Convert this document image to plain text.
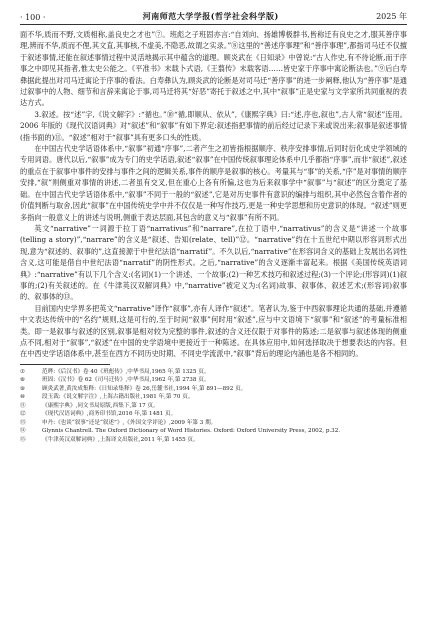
· 100 ·	河南师范大学学报(哲学社会科学版)	2025 年

面不华,质而不野,文质相称,盖良史之才也”⑦。班彪之子班固亦言:“自刘向、扬雄博极群书,皆称迁有良史之才,服其善序事理,辨而不华,质而不俚,其文直,其事核,不虚美,不隐恶,故谓之实录。”⑧这里的“善述序事理”和“善序事理”,都指司马迁不仅擅于叙述事情,还能在叙述事情过程中灵活地揭示其中蕴含的道理。顾炎武在《日知录》中曾说:“古人作史,有不待论断,而于序事之中即见其指者,惟太史公能之。《平准书》末载卜式语,《王翦传》末载客语……皆史家于序事中寓论断法也。”⑨后白寿彝据此提出对司马迁寓论于序事的看法。白寿彝认为,顾炎武的论断是对司马迁“善序事”的进一步阐释,他认为“善序事”是通过叙事中的人物、细节和言辞来寓论于事,司马迁将其“好恶”寄托于叙述之中,其中“叙事”正是史家与文学家所共同重视的表达方式。

3.叙述。按“述”字,《说文解字》:“循也。”⑩“循,即顺从、依从”,《康熙字典》曰:“述,序也,叙也”,古人常“叙述”连用。2006 年版的《现代汉语词典》对“叙述”和“叙事”有如下界定:叙述指把事情的前后经过记录下来或说出来;叙事是叙述事情(指书面的)⑪。“叙述”相对于“叙事”具有更多口头的性质。

在中国古代史学话语体系中,“叙事”初通“序事”,二者产生之初皆指根据顺序、秩序安排事情,后同时衍化成史学领域的专用词语。唐代以后,“叙事”成为专门的史学话语,叙述“叙事”在中国传统叙事理论体系中几乎都指“序事”,而非“叙述”,叙述的重点在于叙事中事件的安排与事件之间的逻辑关系,事件的顺序是叙事的核心。考量其与“事”的关系,“序”是对事情的顺序安排,“叙”则侧重对事情的讲述,二者虽有交叉,但在重心上各有所偏,这也为后来叙事学中“叙事”与“叙述”的区分奠定了基础。在中国古代史学话语体系中,“叙事”不同于一般的“叙述”,它是对历史事件有意识的编排与组织,其中必然包含着作者的价值判断与取舍,因此“叙事”在中国传统史学中并不仅仅是一种写作技巧,更是一种史学思想和历史意识的体现。“叙述”则更多指向一般意义上的讲述与说明,侧重于表达层面,其包含的意义与“叙事”有所不同。

英文“narrative”一词源于拉丁语“narrativus”和“narrare”,在拉丁语中,“narrativus”的含义是“讲述一个故事(telling a story)”,“narrare”的含义是“叙述、告知(relate、tell)”⑫。“narrative”约在十五世纪中期以形容词形式出现,意为“叙述的、叙事的”,这直接源于中世纪法语“narratif”。不久以后,“narrative”在形容词含义的基础上发展出名词性含义,这可能是借自中世纪法语“narratif”的阴性形式。之后,“narrative”的含义逐渐丰富起来。根据《美国传统英语词典》:“narrative”有以下几个含义:(名词)(1)一个讲述、一个故事;(2)一种艺术技巧和叙述过程;(3)一个评论;(形容词)(1)叙事的;(2)有关叙述的。在《牛津英汉双解词典》中,“narrative”被定义为:(名词)故事、叙事体、叙述艺术;(形容词)叙事的、叙事体的⑬。

目前国内史学界多把英文“narrative”译作“叙事”,亦有人译作“叙述”。笔者认为,鉴于中西叙事理论共通的基础,并遵循中文表达传统中的“名约”规则,这是可行的,至于时间“叙事”何时用“叙述”,应与中文语境下“叙事”和“叙述”的考量标准相类。即一是叙事与叙述的区别,叙事是相对较为完整的事件,叙述的含义还仅限于对事件的陈述;二是叙事与叙述体现的侧重点不同,相对于“叙事”,“叙述”在中国的史学语境中更接近于一种陈述。在具体应用中,如何选择取决于想要表达的内容。但在中西史学话语体系中,甚至在西方不同历史时期、不同史学流派中,“叙事”背后的理论内涵也是各不相同的。

⑦	范晔:《后汉书》卷 40《班彪传》,中华书局,1965 年,第 1325 页。
⑧	班固:《汉书》卷 62《司马迁传》,中华书局,1962 年,第 2738 页。
⑨	顾炎武著,黄汝成集释:《日知录集释》卷 26,岳麓书社,1994 年,第 891—892 页。
⑩	段玉裁:《说文解字注》,上海古籍出版社,1981 年,第 70 页。
⑪	《康熙字典》,同文书局原版,西集下,第 17 页。
⑫	《现代汉语词典》,商务印书馆,2016 年,第 1481 页。
⑬	申丹:《也谈“叙事”还是“叙述”》,《外国文学评论》,2009 年第 3 期。
⑭	Glynnis Chantrell. The Oxford Dictionary of Word Histories. Oxford: Oxford University Press, 2002, p.32.
⑮	《牛津英汉双解词典》,上海译文出版社,2011 年,第 1455 页。
